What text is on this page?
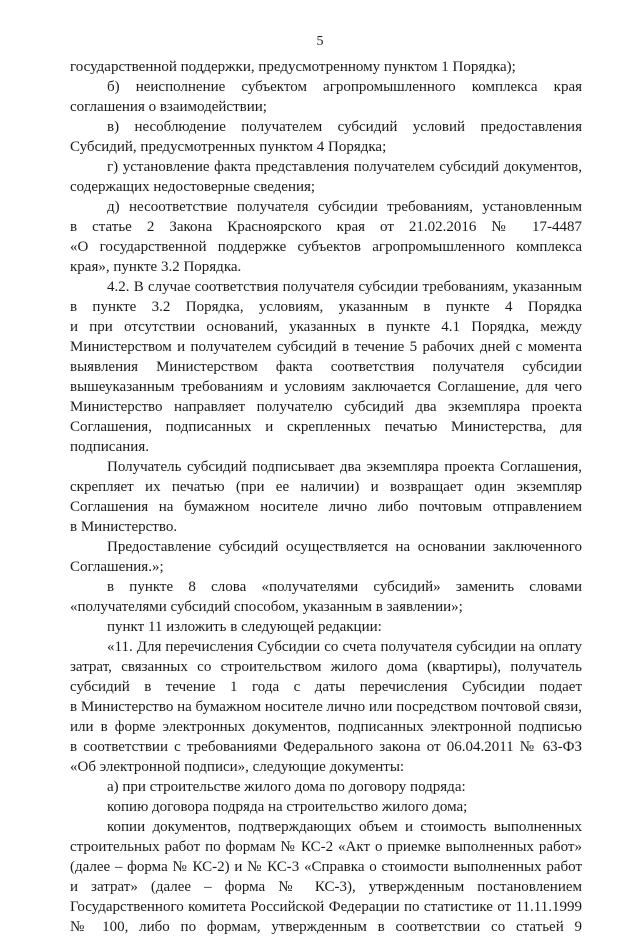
5
государственной поддержки, предусмотренному пунктом 1 Порядка);
б) неисполнение субъектом агропромышленного комплекса края
соглашения о взаимодействии;
в) несоблюдение получателем субсидий условий предоставления
Субсидий, предусмотренных пунктом 4 Порядка;
г) установление факта представления получателем субсидий документов,
содержащих недостоверные сведения;
д) несоответствие получателя субсидии требованиям, установленным
в статье 2 Закона Красноярского края от 21.02.2016 № 17-4487
«О государственной поддержке субъектов агропромышленного комплекса
края», пункте 3.2 Порядка.
4.2. В случае соответствия получателя субсидии требованиям, указанным
в пункте 3.2 Порядка, условиям, указанным в пункте 4 Порядка
и при отсутствии оснований, указанных в пункте 4.1 Порядка, между
Министерством и получателем субсидий в течение 5 рабочих дней с момента
выявления Министерством факта соответствия получателя субсидии
вышеуказанным требованиям и условиям заключается Соглашение, для чего
Министерство направляет получателю субсидий два экземпляра проекта
Соглашения, подписанных и скрепленных печатью Министерства, для
подписания.
Получатель субсидий подписывает два экземпляра проекта Соглашения,
скрепляет их печатью (при ее наличии) и возвращает один экземпляр
Соглашения на бумажном носителе лично либо почтовым отправлением
в Министерство.
Предоставление субсидий осуществляется на основании заключенного
Соглашения.»;
в пункте 8 слова «получателями субсидий» заменить словами
«получателями субсидий способом, указанным в заявлении»;
пункт 11 изложить в следующей редакции:
«11. Для перечисления Субсидии со счета получателя субсидии на оплату
затрат, связанных со строительством жилого дома (квартиры), получатель
субсидий в течение 1 года с даты перечисления Субсидии подает
в Министерство на бумажном носителе лично или посредством почтовой связи,
или в форме электронных документов, подписанных электронной подписью
в соответствии с требованиями Федерального закона от 06.04.2011 № 63-ФЗ
«Об электронной подписи», следующие документы:
а) при строительстве жилого дома по договору подряда:
копию договора подряда на строительство жилого дома;
копии документов, подтверждающих объем и стоимость выполненных
строительных работ по формам № КС-2 «Акт о приемке выполненных работ»
(далее – форма № КС-2) и № КС-3 «Справка о стоимости выполненных работ
и затрат» (далее – форма № КС-3), утвержденным постановлением
Государственного комитета Российской Федерации по статистике от 11.11.1999
№ 100, либо по формам, утвержденным в соответствии со статьей 9
